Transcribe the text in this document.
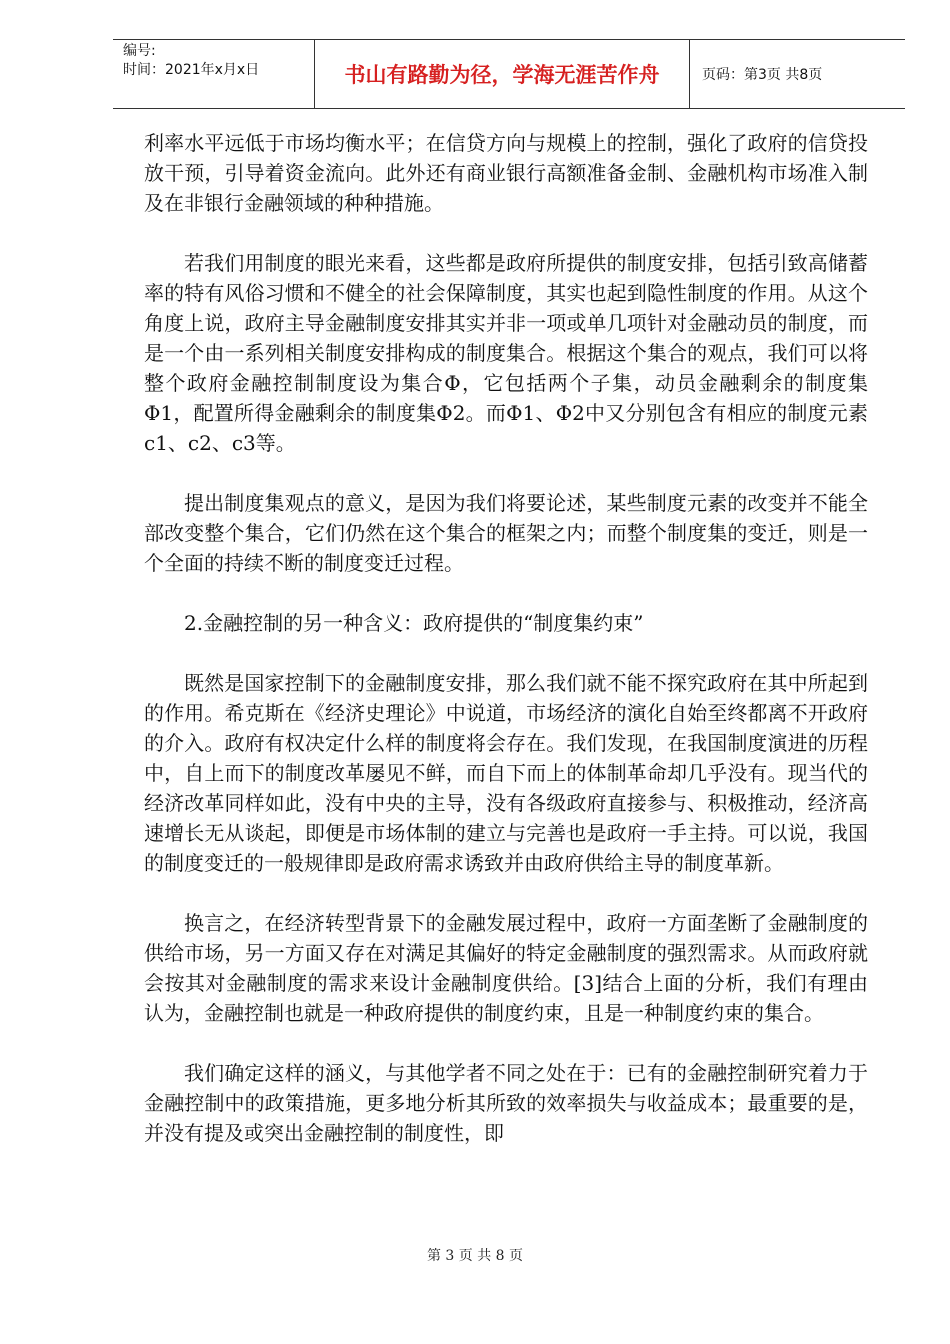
编号:
时间：2021年x月x日	书山有路勤为径，学海无涯苦作舟	页码：第3页 共8页

利率水平远低于市场均衡水平；在信贷方向与规模上的控制，强化了政府的信贷投放干预，引导着资金流向。此外还有商业银行高额准备金制、金融机构市场准入制及在非银行金融领域的种种措施。

若我们用制度的眼光来看，这些都是政府所提供的制度安排，包括引致高储蓄率的特有风俗习惯和不健全的社会保障制度，其实也起到隐性制度的作用。从这个角度上说，政府主导金融制度安排其实并非一项或单几项针对金融动员的制度，而是一个由一系列相关制度安排构成的制度集合。根据这个集合的观点，我们可以将整个政府金融控制制度设为集合Φ，它包括两个子集，动员金融剩余的制度集Φ1，配置所得金融剩余的制度集Φ2。而Φ1、Φ2中又分别包含有相应的制度元素c1、c2、c3等。

提出制度集观点的意义，是因为我们将要论述，某些制度元素的改变并不能全部改变整个集合，它们仍然在这个集合的框架之内；而整个制度集的变迁，则是一个全面的持续不断的制度变迁过程。

2.金融控制的另一种含义：政府提供的“制度集约束”

既然是国家控制下的金融制度安排，那么我们就不能不探究政府在其中所起到的作用。希克斯在《经济史理论》中说道，市场经济的演化自始至终都离不开政府的介入。政府有权决定什么样的制度将会存在。我们发现，在我国制度演进的历程中，自上而下的制度改革屡见不鲜，而自下而上的体制革命却几乎没有。现当代的经济改革同样如此，没有中央的主导，没有各级政府直接参与、积极推动，经济高速增长无从谈起，即便是市场体制的建立与完善也是政府一手主持。可以说，我国的制度变迁的一般规律即是政府需求诱致并由政府供给主导的制度革新。

换言之，在经济转型背景下的金融发展过程中，政府一方面垄断了金融制度的供给市场，另一方面又存在对满足其偏好的特定金融制度的强烈需求。从而政府就会按其对金融制度的需求来设计金融制度供给。[3]结合上面的分析，我们有理由认为，金融控制也就是一种政府提供的制度约束，且是一种制度约束的集合。

我们确定这样的涵义，与其他学者不同之处在于：已有的金融控制研究着力于金融控制中的政策措施，更多地分析其所致的效率损失与收益成本；最重要的是，并没有提及或突出金融控制的制度性，即

第 3 页 共 8 页
